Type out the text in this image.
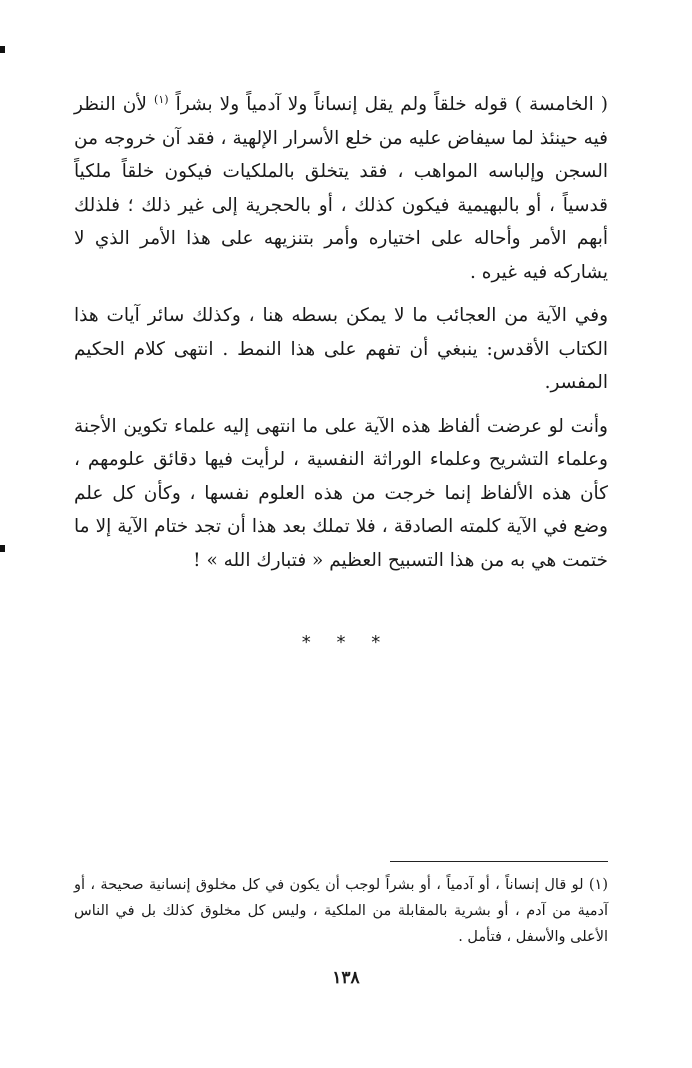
( الخامسة ) قوله خلقاً ولم يقل إنساناً ولا آدمياً ولا بشراً $^{(١)}$ لأن النظر فيه حينئذ لما سيفاض عليه من خلع الأسرار الإلهية ، فقد آن خروجه من السجن وإلباسه المواهب ، فقد يتخلق بالملكيات فيكون خلقاً ملكياً قدسياً ، أو بالبهيمية فيكون كذلك ، أو بالحجرية إلى غير ذلك ؛ فلذلك أبهم الأمر وأحاله على اختياره وأمر بتنزيهه على هذا الأمر الذي لا يشاركه فيه غيره .

وفي الآية من العجائب ما لا يمكن بسطه هنا ، وكذلك سائر آيات هذا الكتاب الأقدس: ينبغي أن تفهم على هذا النمط . انتهى كلام الحكيم المفسر.

وأنت لو عرضت ألفاظ هذه الآية على ما انتهى إليه علماء تكوين الأجنة وعلماء التشريح وعلماء الوراثة النفسية ، لرأيت فيها دقائق علومهم ، كأن هذه الألفاظ إنما خرجت من هذه العلوم نفسها ، وكأن كل علم وضع في الآية كلمته الصادقة ، فلا تملك بعد هذا أن تجد ختام الآية إلا ما ختمت هي به من هذا التسبيح العظيم « فتبارك الله » !

* * *

(١) لو قال إنساناً ، أو آدمياً ، أو بشراً لوجب أن يكون في كل مخلوق إنسانية صحيحة ، أو آدمية من آدم ، أو بشرية بالمقابلة من الملكية ، وليس كل مخلوق كذلك بل في الناس الأعلى والأسفل ، فتأمل .

١٣٨
